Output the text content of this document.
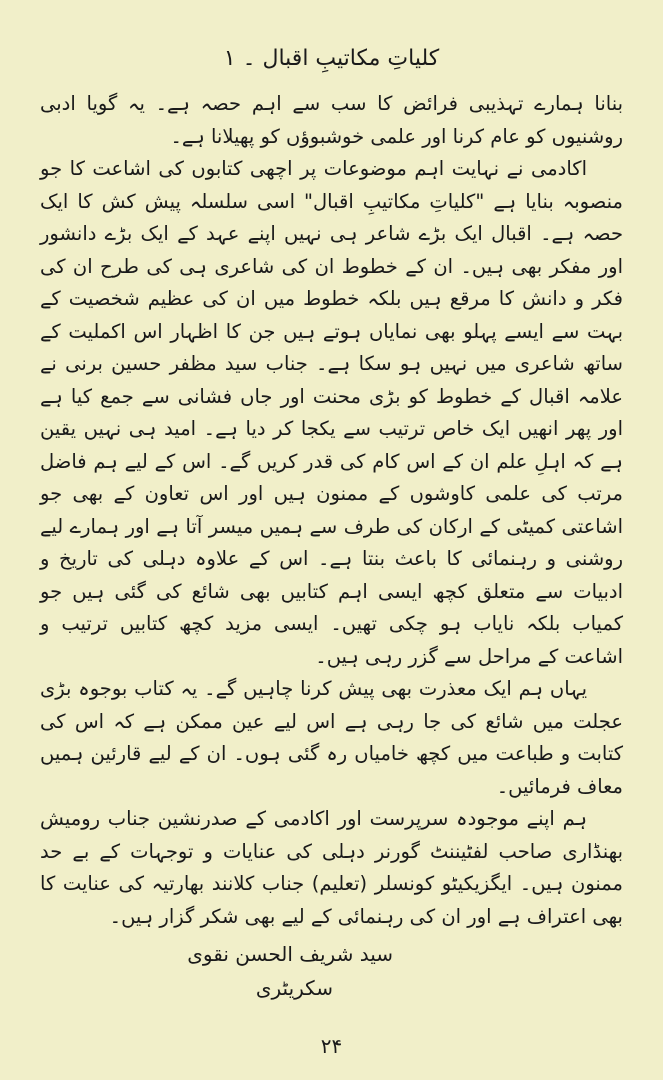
کلیاتِ مکاتیبِ اقبال ۔ ۱

بنانا ہمارے تہذیبی فرائض کا سب سے اہم حصہ ہے۔ یہ گویا ادبی روشنیوں کو عام کرنا اور علمی خوشبوؤں کو پھیلانا ہے۔

اکادمی نے نہایت اہم موضوعات پر اچھی کتابوں کی اشاعت کا جو منصوبہ بنایا ہے "کلیاتِ مکاتیبِ اقبال" اسی سلسلہ پیش کش کا ایک حصہ ہے۔ اقبال ایک بڑے شاعر ہی نہیں اپنے عہد کے ایک بڑے دانشور اور مفکر بھی ہیں۔ ان کے خطوط ان کی شاعری ہی کی طرح ان کی فکر و دانش کا مرقع ہیں بلکہ خطوط میں ان کی عظیم شخصیت کے بہت سے ایسے پہلو بھی نمایاں ہوتے ہیں جن کا اظہار اس اکملیت کے ساتھ شاعری میں نہیں ہو سکا ہے۔ جناب سید مظفر حسین برنی نے علامہ اقبال کے خطوط کو بڑی محنت اور جاں فشانی سے جمع کیا ہے اور پھر انھیں ایک خاص ترتیب سے یکجا کر دیا ہے۔ امید ہی نہیں یقین ہے کہ اہلِ علم ان کے اس کام کی قدر کریں گے۔ اس کے لیے ہم فاضل مرتب کی علمی کاوشوں کے ممنون ہیں اور اس تعاون کے بھی جو اشاعتی کمیٹی کے ارکان کی طرف سے ہمیں میسر آتا ہے اور ہمارے لیے روشنی و رہنمائی کا باعث بنتا ہے۔ اس کے علاوہ دہلی کی تاریخ و ادبیات سے متعلق کچھ ایسی اہم کتابیں بھی شائع کی گئی ہیں جو کمیاب بلکہ نایاب ہو چکی تھیں۔ ایسی مزید کچھ کتابیں ترتیب و اشاعت کے مراحل سے گزر رہی ہیں۔

یہاں ہم ایک معذرت بھی پیش کرنا چاہیں گے۔ یہ کتاب بوجوہ بڑی عجلت میں شائع کی جا رہی ہے اس لیے عین ممکن ہے کہ اس کی کتابت و طباعت میں کچھ خامیاں رہ گئی ہوں۔ ان کے لیے قارئین ہمیں معاف فرمائیں۔

ہم اپنے موجودہ سرپرست اور اکادمی کے صدرنشین جناب رومیش بھنڈاری صاحب لفٹیننٹ گورنر دہلی کی عنایات و توجہات کے بے حد ممنون ہیں۔ ایگزیکیٹو کونسلر (تعلیم) جناب کلانند بھارتیہ کی عنایت کا بھی اعتراف ہے اور ان کی رہنمائی کے لیے بھی شکر گزار ہیں۔

سید شریف الحسن نقوی
سکریٹری
۲۴
